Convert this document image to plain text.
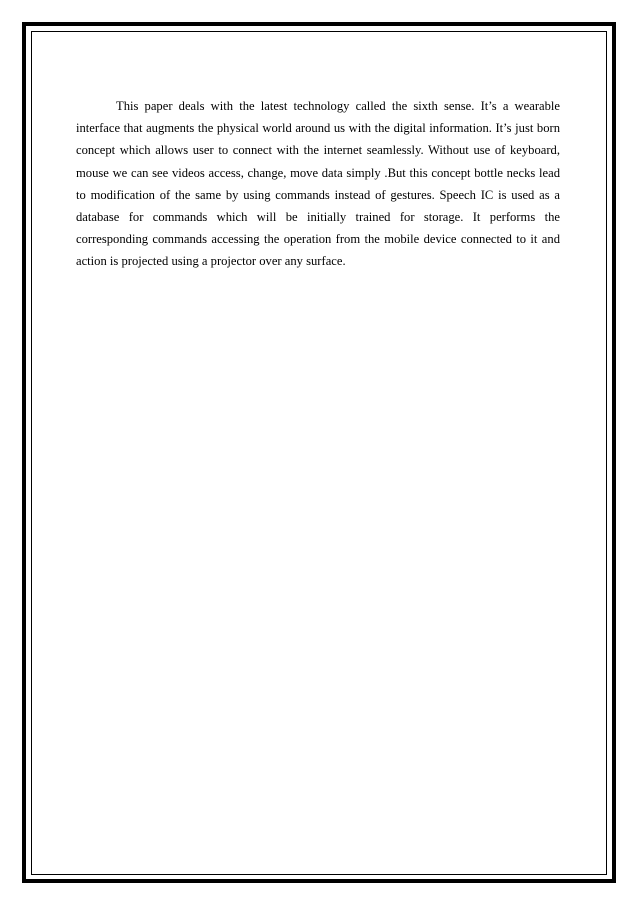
This paper deals with the latest technology called the sixth sense. It’s a wearable interface that augments the physical world around us with the digital information. It’s just born concept which allows user to connect with the internet seamlessly. Without use of keyboard, mouse we can see videos access, change, move data simply .But this concept bottle necks lead to modification of the same by using commands instead of gestures. Speech IC is used as a database for commands which will be initially trained for storage. It performs the corresponding commands accessing the operation from the mobile device connected to it and action is projected using a projector over any surface.
